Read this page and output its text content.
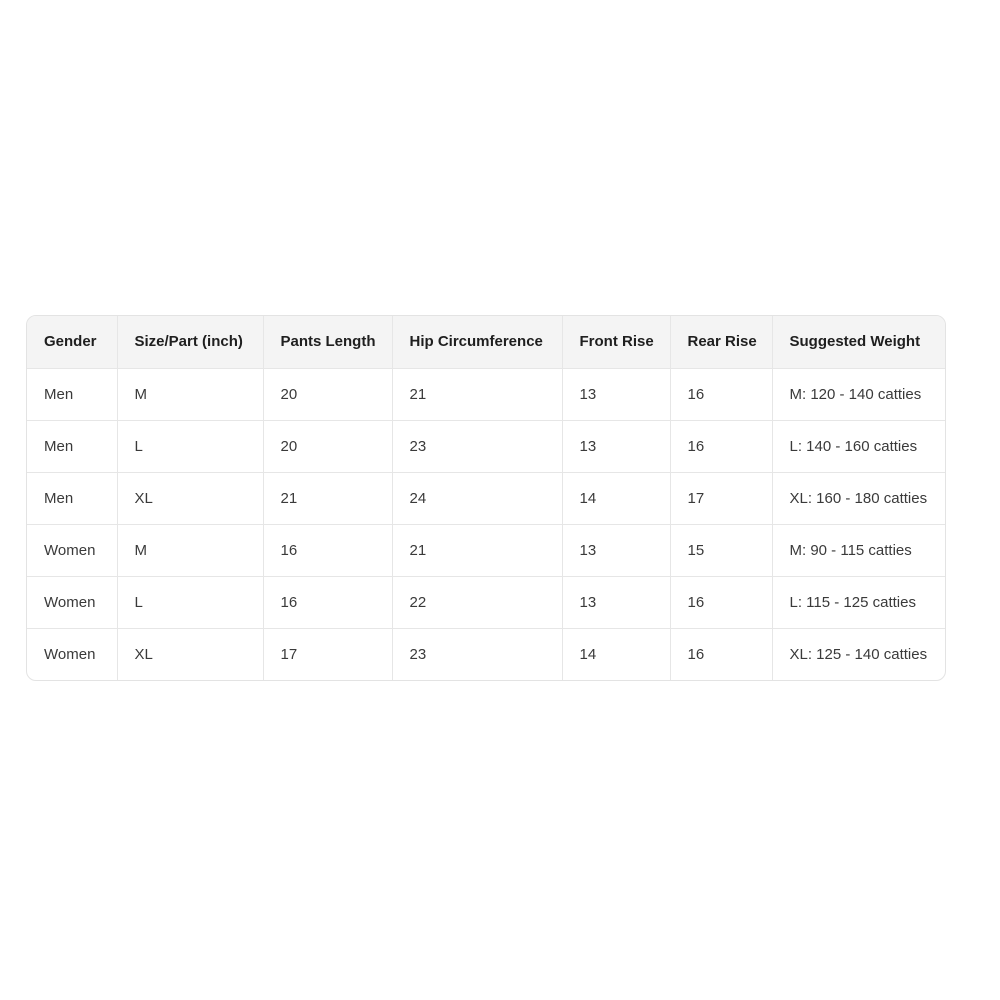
Gender	Size/Part (inch)	Pants Length	Hip Circumference	Front Rise	Rear Rise	Suggested Weight
Men	M	20	21	13	16	M: 120 - 140 catties
Men	L	20	23	13	16	L: 140 - 160 catties
Men	XL	21	24	14	17	XL: 160 - 180 catties
Women	M	16	21	13	15	M: 90 - 115 catties
Women	L	16	22	13	16	L: 115 - 125 catties
Women	XL	17	23	14	16	XL: 125 - 140 catties
